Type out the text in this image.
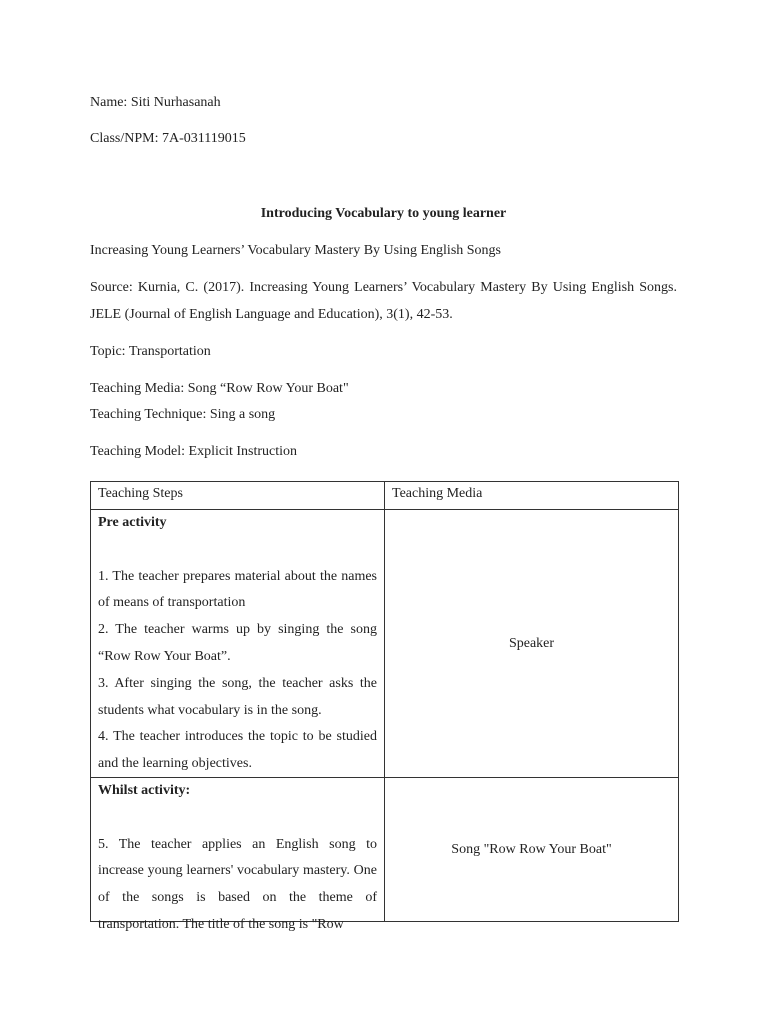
Name: Siti Nurhasanah
Class/NPM: 7A-031119015
Introducing Vocabulary to young learner
Increasing Young Learners’ Vocabulary Mastery By Using English Songs
Source: Kurnia, C. (2017). Increasing Young Learners’ Vocabulary Mastery By Using English Songs. JELE (Journal of English Language and Education), 3(1), 42-53.
Topic: Transportation
Teaching Media: Song “Row Row Your Boat"
Teaching Technique: Sing a song
Teaching Model: Explicit Instruction
Teaching Steps	Teaching Media

Pre activity
1. The teacher prepares material about the names of means of transportation
2. The teacher warms up by singing the song “Row Row Your Boat”.
3. After singing the song, the teacher asks the students what vocabulary is in the song.
4. The teacher introduces the topic to be studied and the learning objectives.	Speaker

Whilst activity:
5. The teacher applies an English song to increase young learners' vocabulary mastery. One of the songs is based on the theme of transportation. The title of the song is "Row	Song "Row Row Your Boat"
